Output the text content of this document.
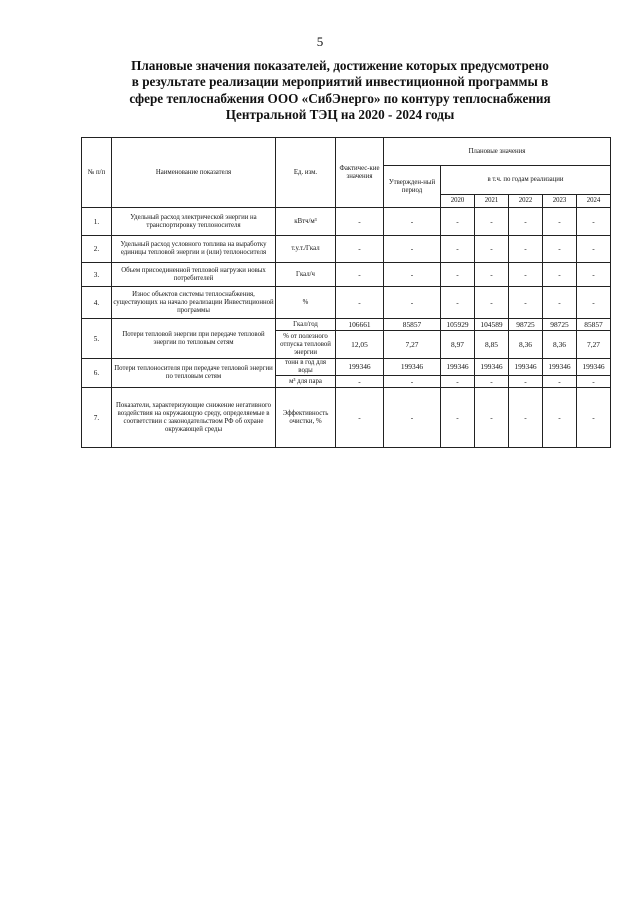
5
Плановые значения показателей, достижение которых предусмотрено
в результате реализации мероприятий инвестиционной программы в
сфере теплоснабжения ООО «СибЭнерго» по контуру теплоснабжения
Центральной ТЭЦ на 2020 - 2024 годы
№ п/п	Наименование показателя	Ед. изм.	Фактичес-кие значения	Плановые значения					
				Утвержден-ный период	в т.ч. по годам реализации				
					2020	2021	2022	2023	2024
1.	Удельный расход электрической энергии на транспортировку теплоносителя	кВтч/м³	-	-	-	-	-	-	-
2.	Удельный расход условного топлива на выработку единицы тепловой энергии и (или) теплоносителя	т.у.т./Гкал	-	-	-	-	-	-	-
3.	Объем присоединенной тепловой нагрузки новых потребителей	Гкал/ч	-	-	-	-	-	-	-
4.	Износ объектов системы теплоснабжения, существующих на начало реализации Инвестиционной программы	%	-	-	-	-	-	-	-
5.	Потери тепловой энергии при передаче тепловой энергии по тепловым сетям	Гкал/год	106661	85857	105929	104589	98725	98725	85857
		% от полезного отпуска тепловой энергии	12,05	7,27	8,97	8,85	8,36	8,36	7,27
6.	Потери теплоносителя при передаче тепловой энергии по тепловым сетям	тонн в год для воды	199346	199346	199346	199346	199346	199346	199346
		м³ для пара	-	-	-	-	-	-	-
7.	Показатели, характеризующие снижение негативного воздействия на окружающую среду, определяемые в соответствии с законодательством РФ об охране окружающей среды	Эффективность очистки, %	-	-	-	-	-	-	-
